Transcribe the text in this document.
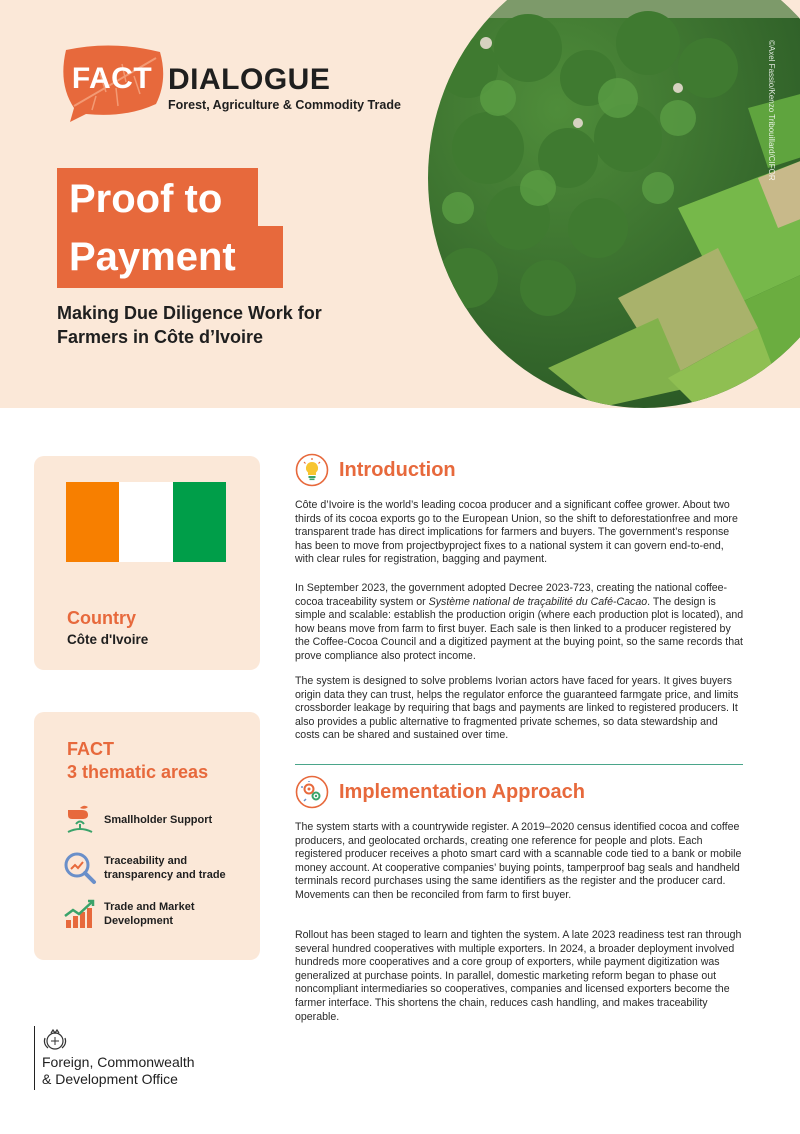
FACT DIALOGUE
Forest, Agriculture & Commodity Trade
Proof to
Payment
Making Due Diligence Work for Farmers in Côte d’Ivoire
©Axel Fassio/Kenzo Tribouillard/CIFOR
Country
Côte d'Ivoire
FACT
3 thematic areas
Smallholder Support
Traceability and transparency and trade
Trade and Market Development
Foreign, Commonwealth
& Development Office
Introduction
Côte d’Ivoire is the world’s leading cocoa producer and a significant coffee grower. About two thirds of its cocoa exports go to the European Union, so the shift to deforestationfree and more transparent trade has direct implications for farmers and buyers. The government’s response has been to move from projectbyproject fixes to a national system it can govern end-to-end, with clear rules for registration, bagging and payment.
In September 2023, the government adopted Decree 2023-723, creating the national coffee-cocoa traceability system or Système national de traçabilité du Café-Cacao. The design is simple and scalable: establish the production origin (where each production plot is located), and how beans move from farm to first buyer. Each sale is then linked to a producer registered by the Coffee-Cocoa Council and a digitized payment at the buying point, so the same records that prove compliance also protect income.
The system is designed to solve problems Ivorian actors have faced for years. It gives buyers origin data they can trust, helps the regulator enforce the guaranteed farmgate price, and limits crossborder leakage by requiring that bags and payments are linked to registered producers. It also provides a public alternative to fragmented private schemes, so data stewardship and costs can be shared and sustained over time.
Implementation Approach
The system starts with a countrywide register. A 2019–2020 census identified cocoa and coffee producers, and geolocated orchards, creating one reference for people and plots. Each registered producer receives a photo smart card with a scannable code tied to a bank or mobile money account. At cooperative companies’ buying points, tamperproof bag seals and handheld terminals record purchases using the same identifiers as the register and the producer card. Movements can then be reconciled from farm to first buyer.
Rollout has been staged to learn and tighten the system. A late 2023 readiness test ran through several hundred cooperatives with multiple exporters. In 2024, a broader deployment involved hundreds more cooperatives and a core group of exporters, while payment digitization was generalized at purchase points. In parallel, domestic marketing reform began to phase out noncompliant intermediaries so cooperatives, companies and licensed exporters become the farmer interface. This shortens the chain, reduces cash handling, and makes traceability operable.
